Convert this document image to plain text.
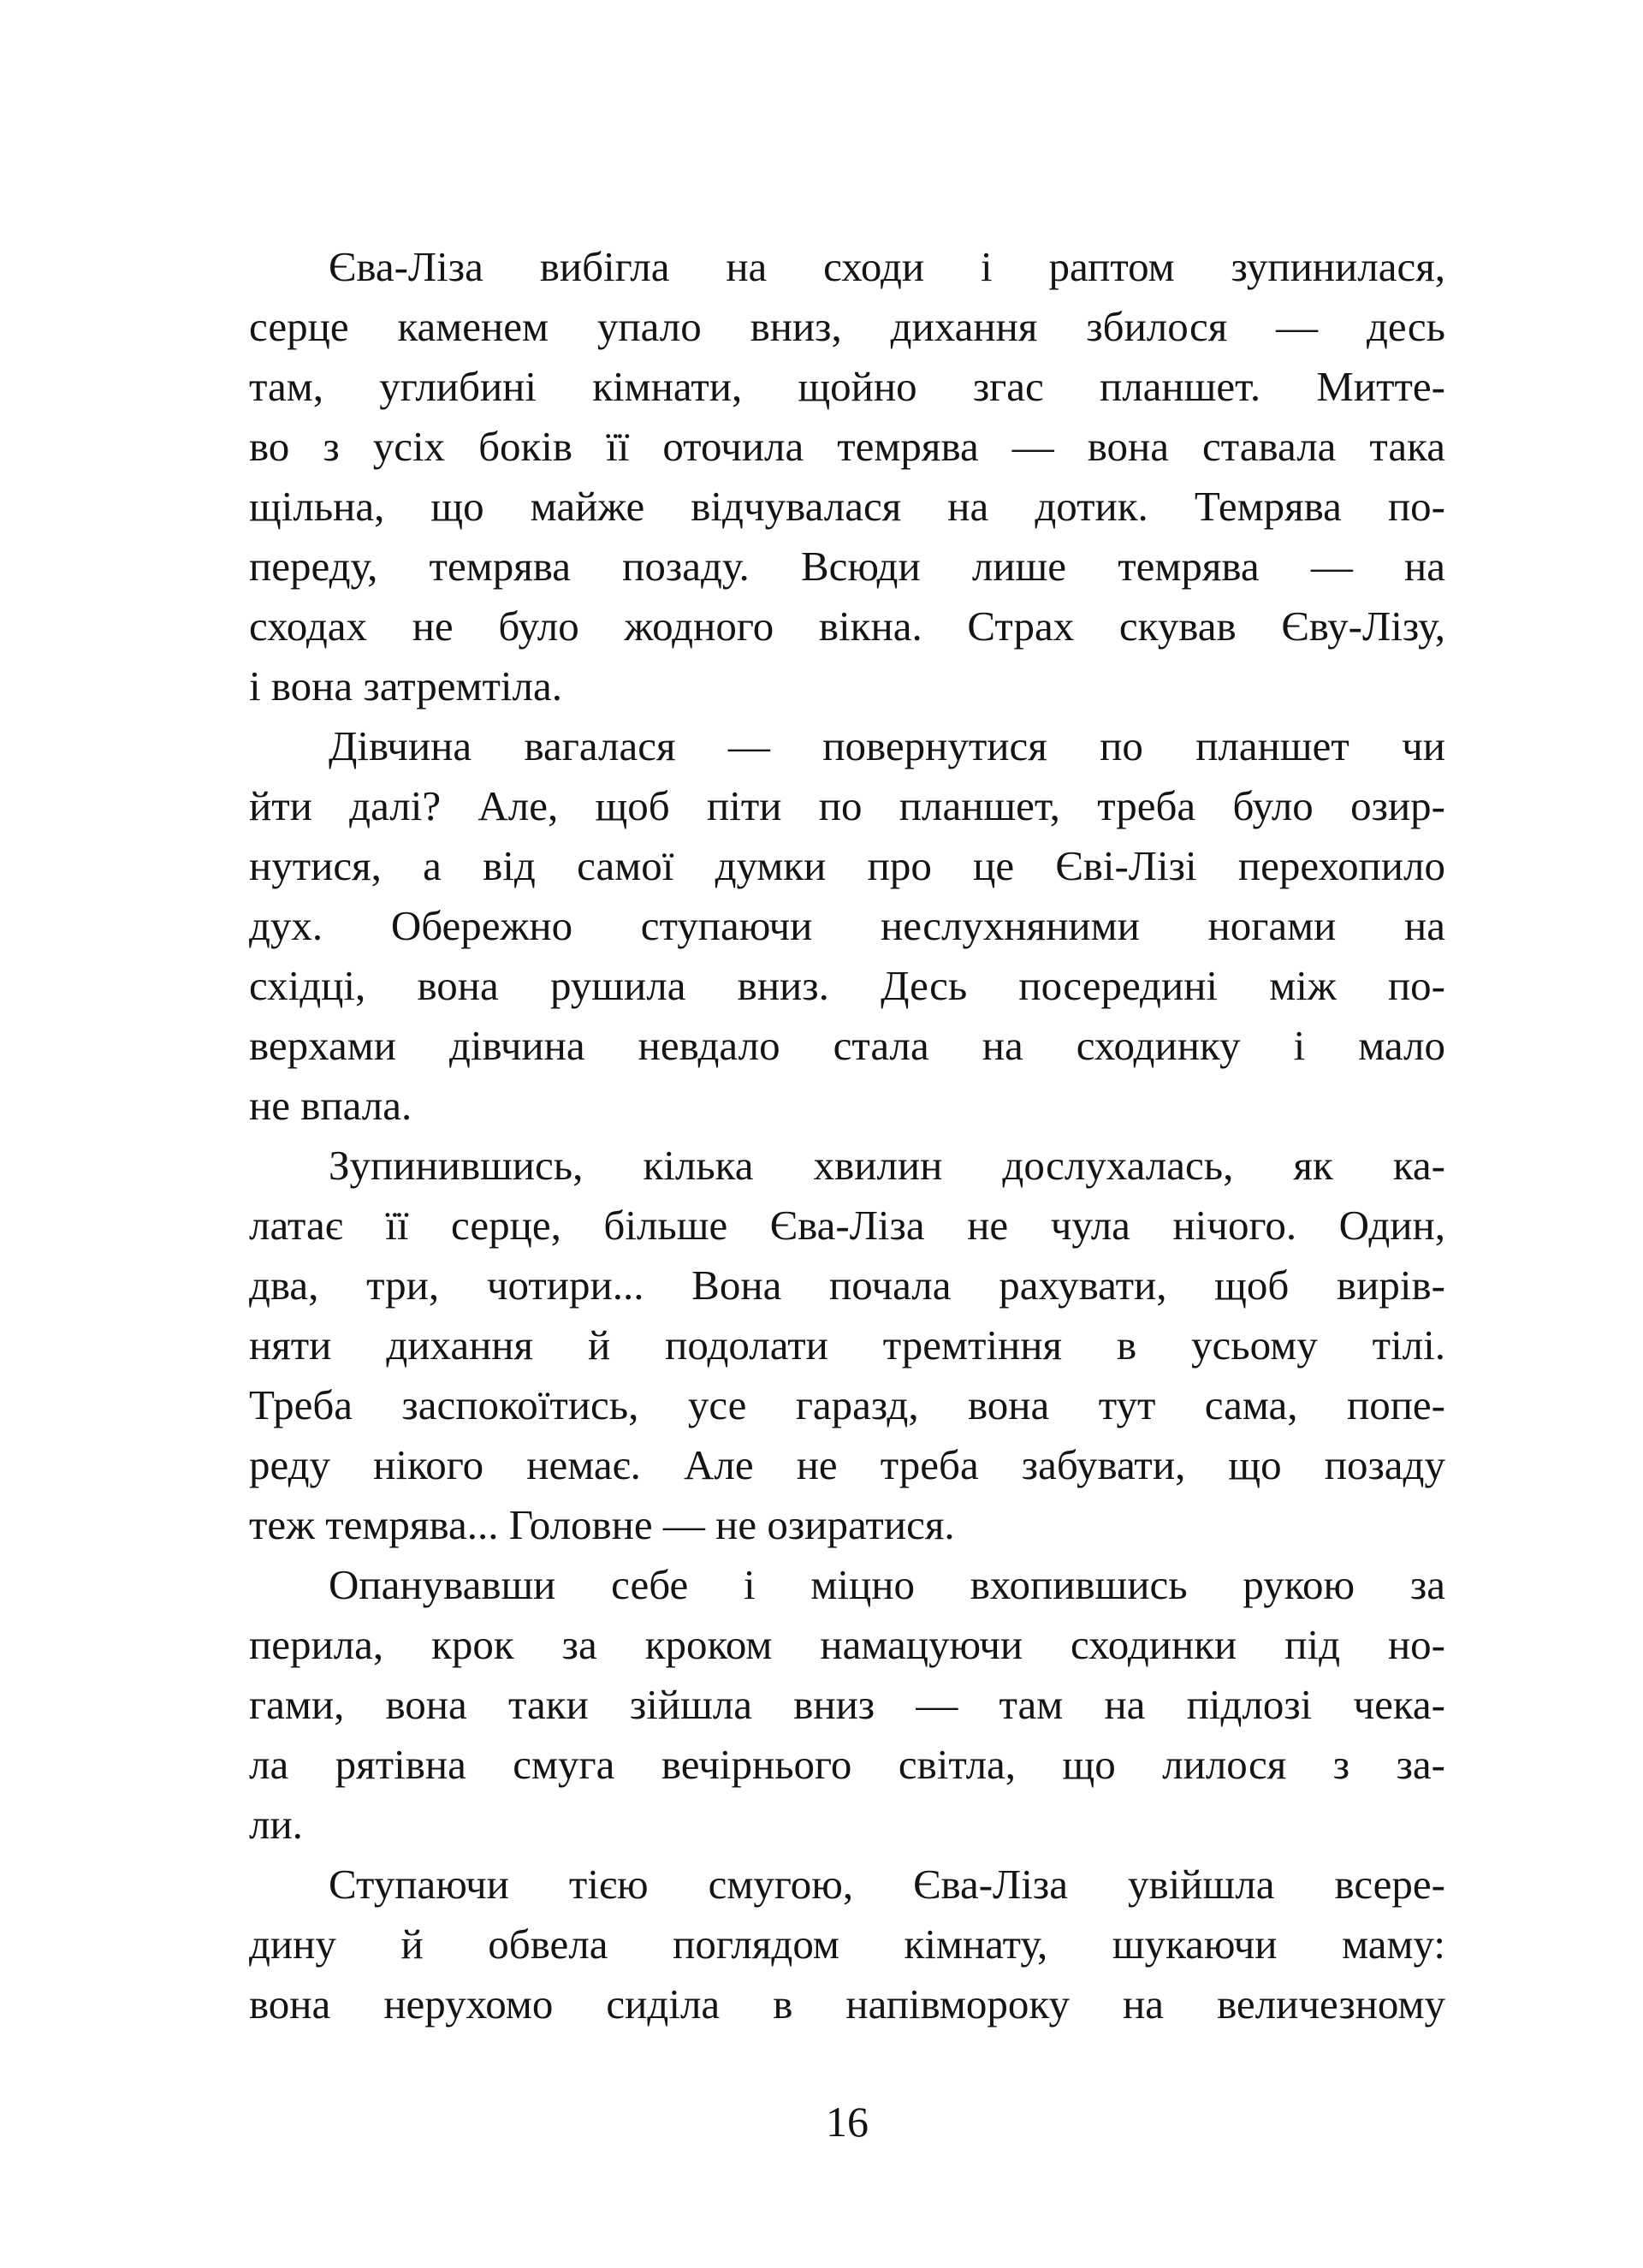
Єва-Ліза вибігла на сходи і раптом зупинилася,
серце каменем упало вниз, дихання збилося — десь
там, углибині кімнати, щойно згас планшет. Митте-
во з усіх боків її оточила темрява — вона ставала така
щільна, що майже відчувалася на дотик. Темрява по-
переду, темрява позаду. Всюди лише темрява — на
сходах не було жодного вікна. Страх скував Єву-Лізу,
і вона затремтіла.
Дівчина вагалася — повернутися по планшет чи
йти далі? Але, щоб піти по планшет, треба було озир-
нутися, а від самої думки про це Єві-Лізі перехопило
дух. Обережно ступаючи неслухняними ногами на
східці, вона рушила вниз. Десь посередині між по-
верхами дівчина невдало стала на сходинку і мало
не впала.
Зупинившись, кілька хвилин дослухалась, як ка-
латає її серце, більше Єва-Ліза не чула нічого. Один,
два, три, чотири... Вона почала рахувати, щоб вирів-
няти дихання й подолати тремтіння в усьому тілі.
Треба заспокоїтись, усе гаразд, вона тут сама, попе-
реду нікого немає. Але не треба забувати, що позаду
теж темрява... Головне — не озиратися.
Опанувавши себе і міцно вхопившись рукою за
перила, крок за кроком намацуючи сходинки під но-
гами, вона таки зійшла вниз — там на підлозі чека-
ла рятівна смуга вечірнього світла, що лилося з за-
ли.
Ступаючи тією смугою, Єва-Ліза увійшла всере-
дину й обвела поглядом кімнату, шукаючи маму:
вона нерухомо сиділа в напівмороку на величезному
16
